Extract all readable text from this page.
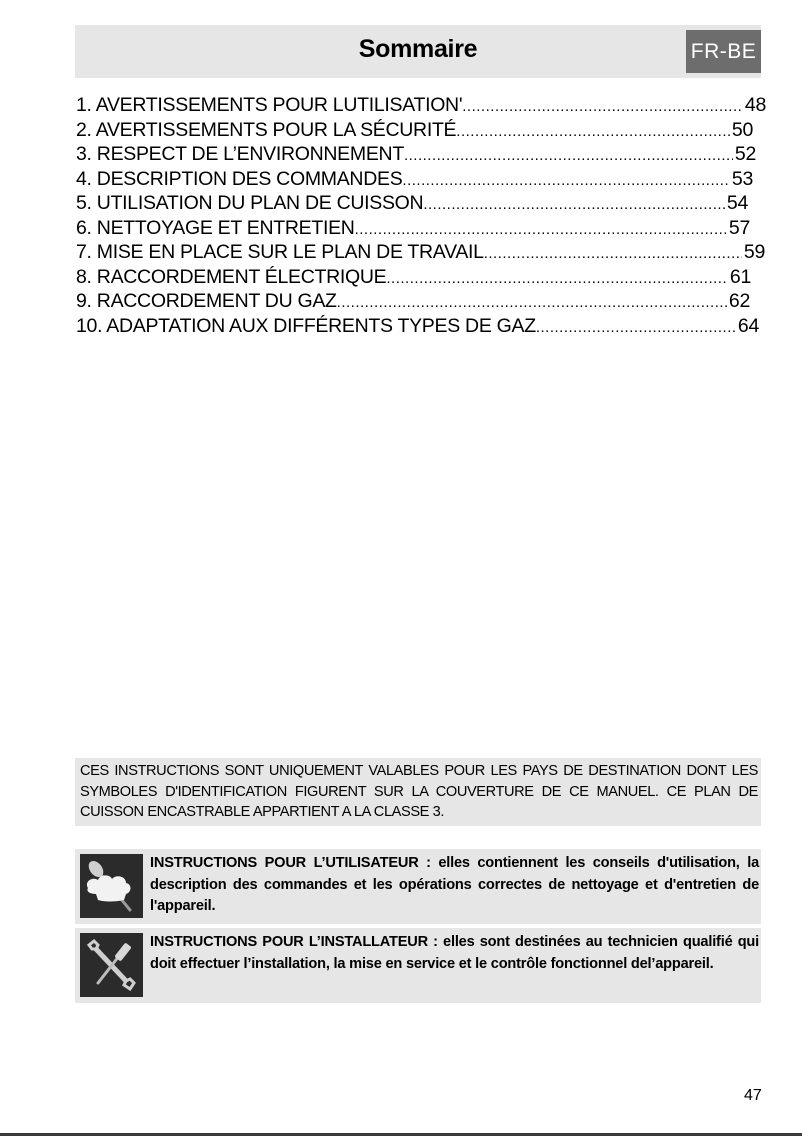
Sommaire	FR-BE
1. AVERTISSEMENTS POUR LUTILISATION' .....	48
2. AVERTISSEMENTS POUR LA SÉCURITÉ .....	50
3. RESPECT DE L’ENVIRONNEMENT .....	52
4. DESCRIPTION DES COMMANDES .....	53
5. UTILISATION DU PLAN DE CUISSON .....	54
6. NETTOYAGE ET ENTRETIEN .....	57
7. MISE EN PLACE SUR LE PLAN DE TRAVAIL .....	59
8. RACCORDEMENT ÉLECTRIQUE .....	61
9. RACCORDEMENT DU GAZ .....	62
10. ADAPTATION AUX DIFFÉRENTS TYPES DE GAZ .....	64
CES INSTRUCTIONS SONT UNIQUEMENT VALABLES POUR LES PAYS DE DESTINATION DONT LES SYMBOLES D'IDENTIFICATION FIGURENT SUR LA COUVERTURE DE CE MANUEL. CE PLAN DE CUISSON ENCASTRABLE APPARTIENT A LA CLASSE 3.
INSTRUCTIONS POUR L’UTILISATEUR : elles contiennent les conseils d'utilisation, la description des commandes et les opérations correctes de nettoyage et d'entretien de l'appareil.
INSTRUCTIONS POUR L’INSTALLATEUR : elles sont destinées au technicien qualifié qui doit effectuer l’installation, la mise en service et le contrôle fonctionnel del’appareil.
47
